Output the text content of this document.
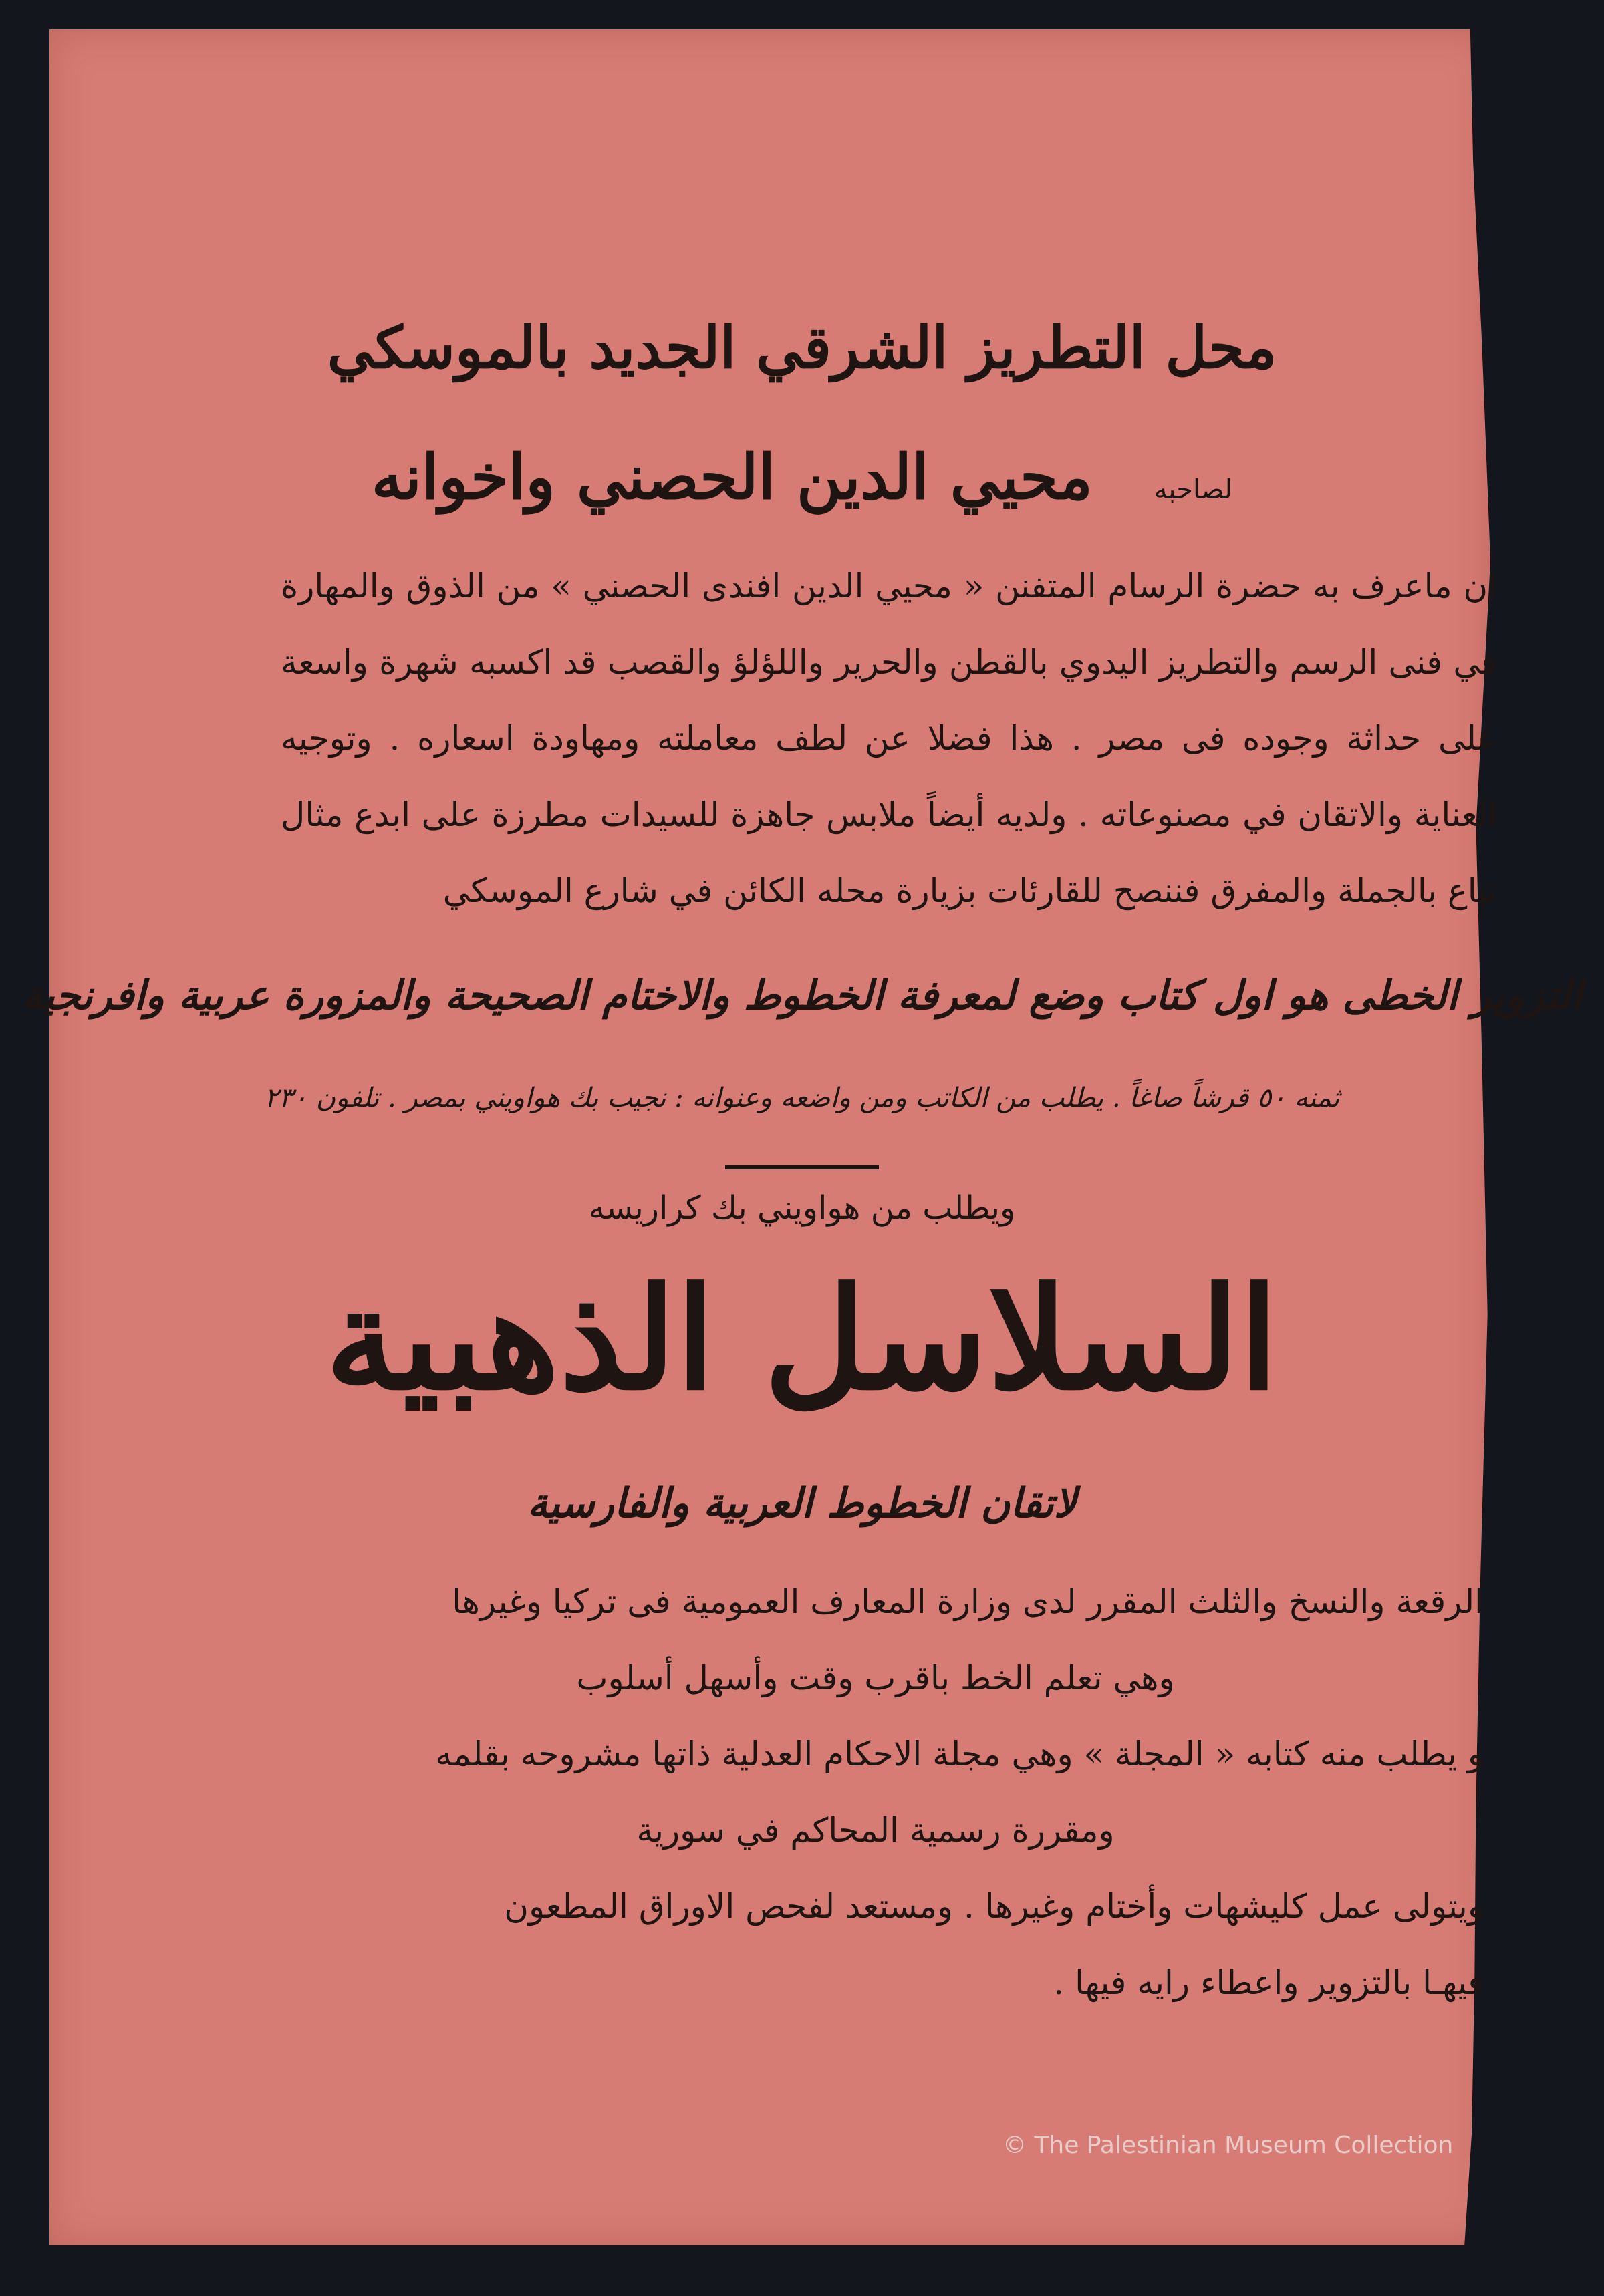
محل التطريز الشرقي الجديد بالموسكي
لصاحبه محيي الدين الحصني واخوانه
ان ماعرف به حضرة الرسام المتفنن « محيي الدين افندى الحصني » من الذوق والمهارة في فنى الرسم والتطريز اليدوي بالقطن والحرير واللؤلؤ والقصب قد اكسبه شهرة واسعة على حداثة وجوده فى مصر . هذا فضلا عن لطف معاملته ومهاودة اسعاره . وتوجيه العناية والاتقان في مصنوعاته . ولديه أيضاً ملابس جاهزة للسيدات مطرزة على ابدع مثال تباع بالجملة والمفرق فننصح للقارئات بزيارة محله الكائن في شارع الموسكي
التزوير الخطى هو اول كتاب وضع لمعرفة الخطوط والاختام الصحيحة والمزورة عربية وافرنجية
ثمنه ٥٠ قرشاً صاغاً . يطلب من الكاتب ومن واضعه وعنوانه : نجيب بك هواويني بمصر . تلفون ٢٣٠
ويطلب من هواويني بك كراريسه
السلاسل الذهبية
لاتقان الخطوط العربية والفارسية

الرقعة والنسخ والثلث المقرر لدى وزارة المعارف العمومية فى تركيا وغيرها

وهي تعلم الخط باقرب وقت وأسهل أسلوب

و يطلب منه كتابه « المجلة » وهي مجلة الاحكام العدلية ذاتها مشروحه بقلمه

ومقررة رسمية المحاكم في سورية

ويتولى عمل كليشهات وأختام وغيرها . ومستعد لفحص الاوراق المطعون

فيهـا بالتزوير واعطاء رايه فيها .

© The Palestinian Museum Collection
